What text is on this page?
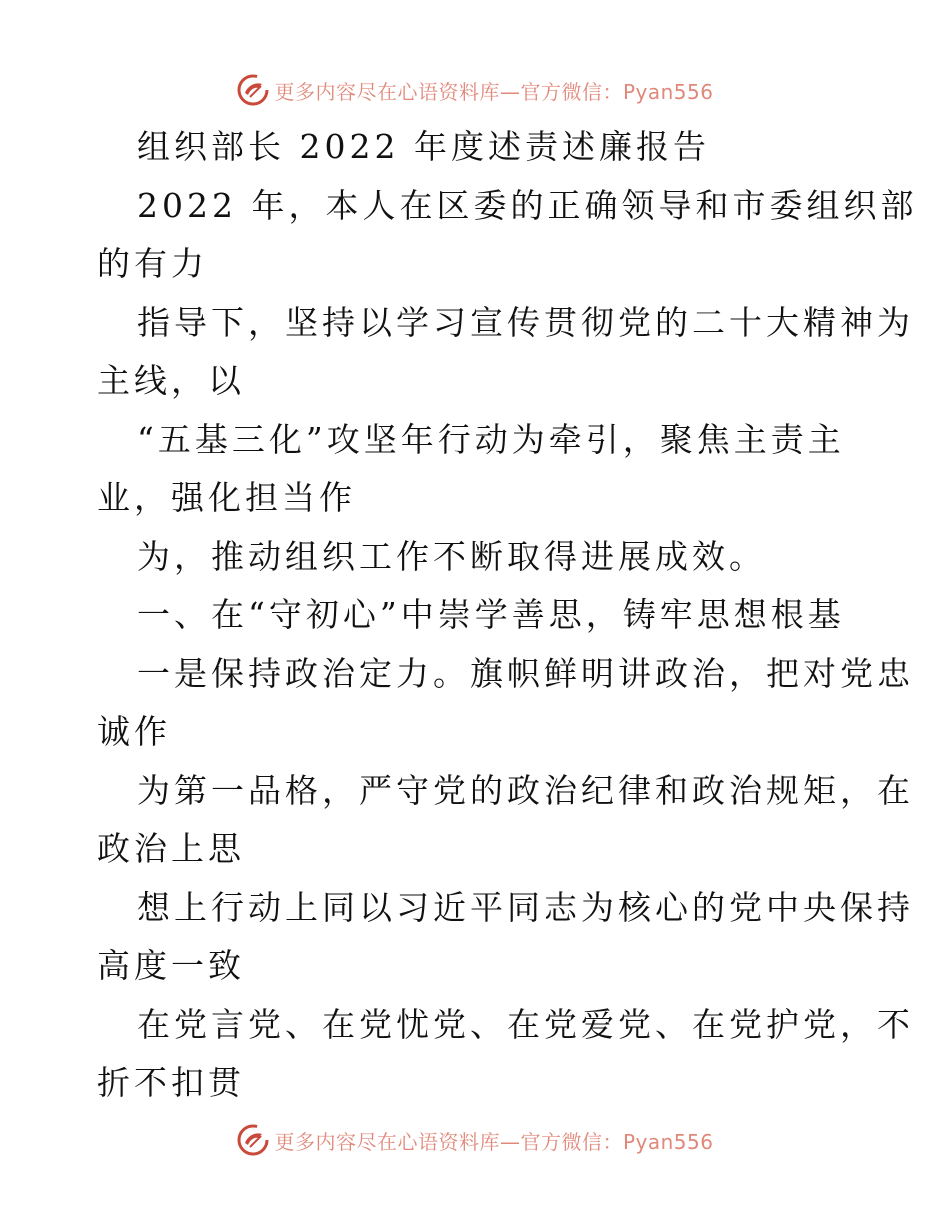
更多内容尽在心语资料库—官方微信：Pyan556
组织部长 2022 年度述责述廉报告
2022 年，本人在区委的正确领导和市委组织部
的有力
指导下，坚持以学习宣传贯彻党的二十大精神为
主线，以
“五基三化”攻坚年行动为牵引，聚焦主责主
业，强化担当作
为，推动组织工作不断取得进展成效。
一、在“守初心”中崇学善思，铸牢思想根基
一是保持政治定力。旗帜鲜明讲政治，把对党忠
诚作
为第一品格，严守党的政治纪律和政治规矩，在
政治上思
想上行动上同以习近平同志为核心的党中央保持
高度一致
在党言党、在党忧党、在党爱党、在党护党，不
折不扣贯
更多内容尽在心语资料库—官方微信：Pyan556
